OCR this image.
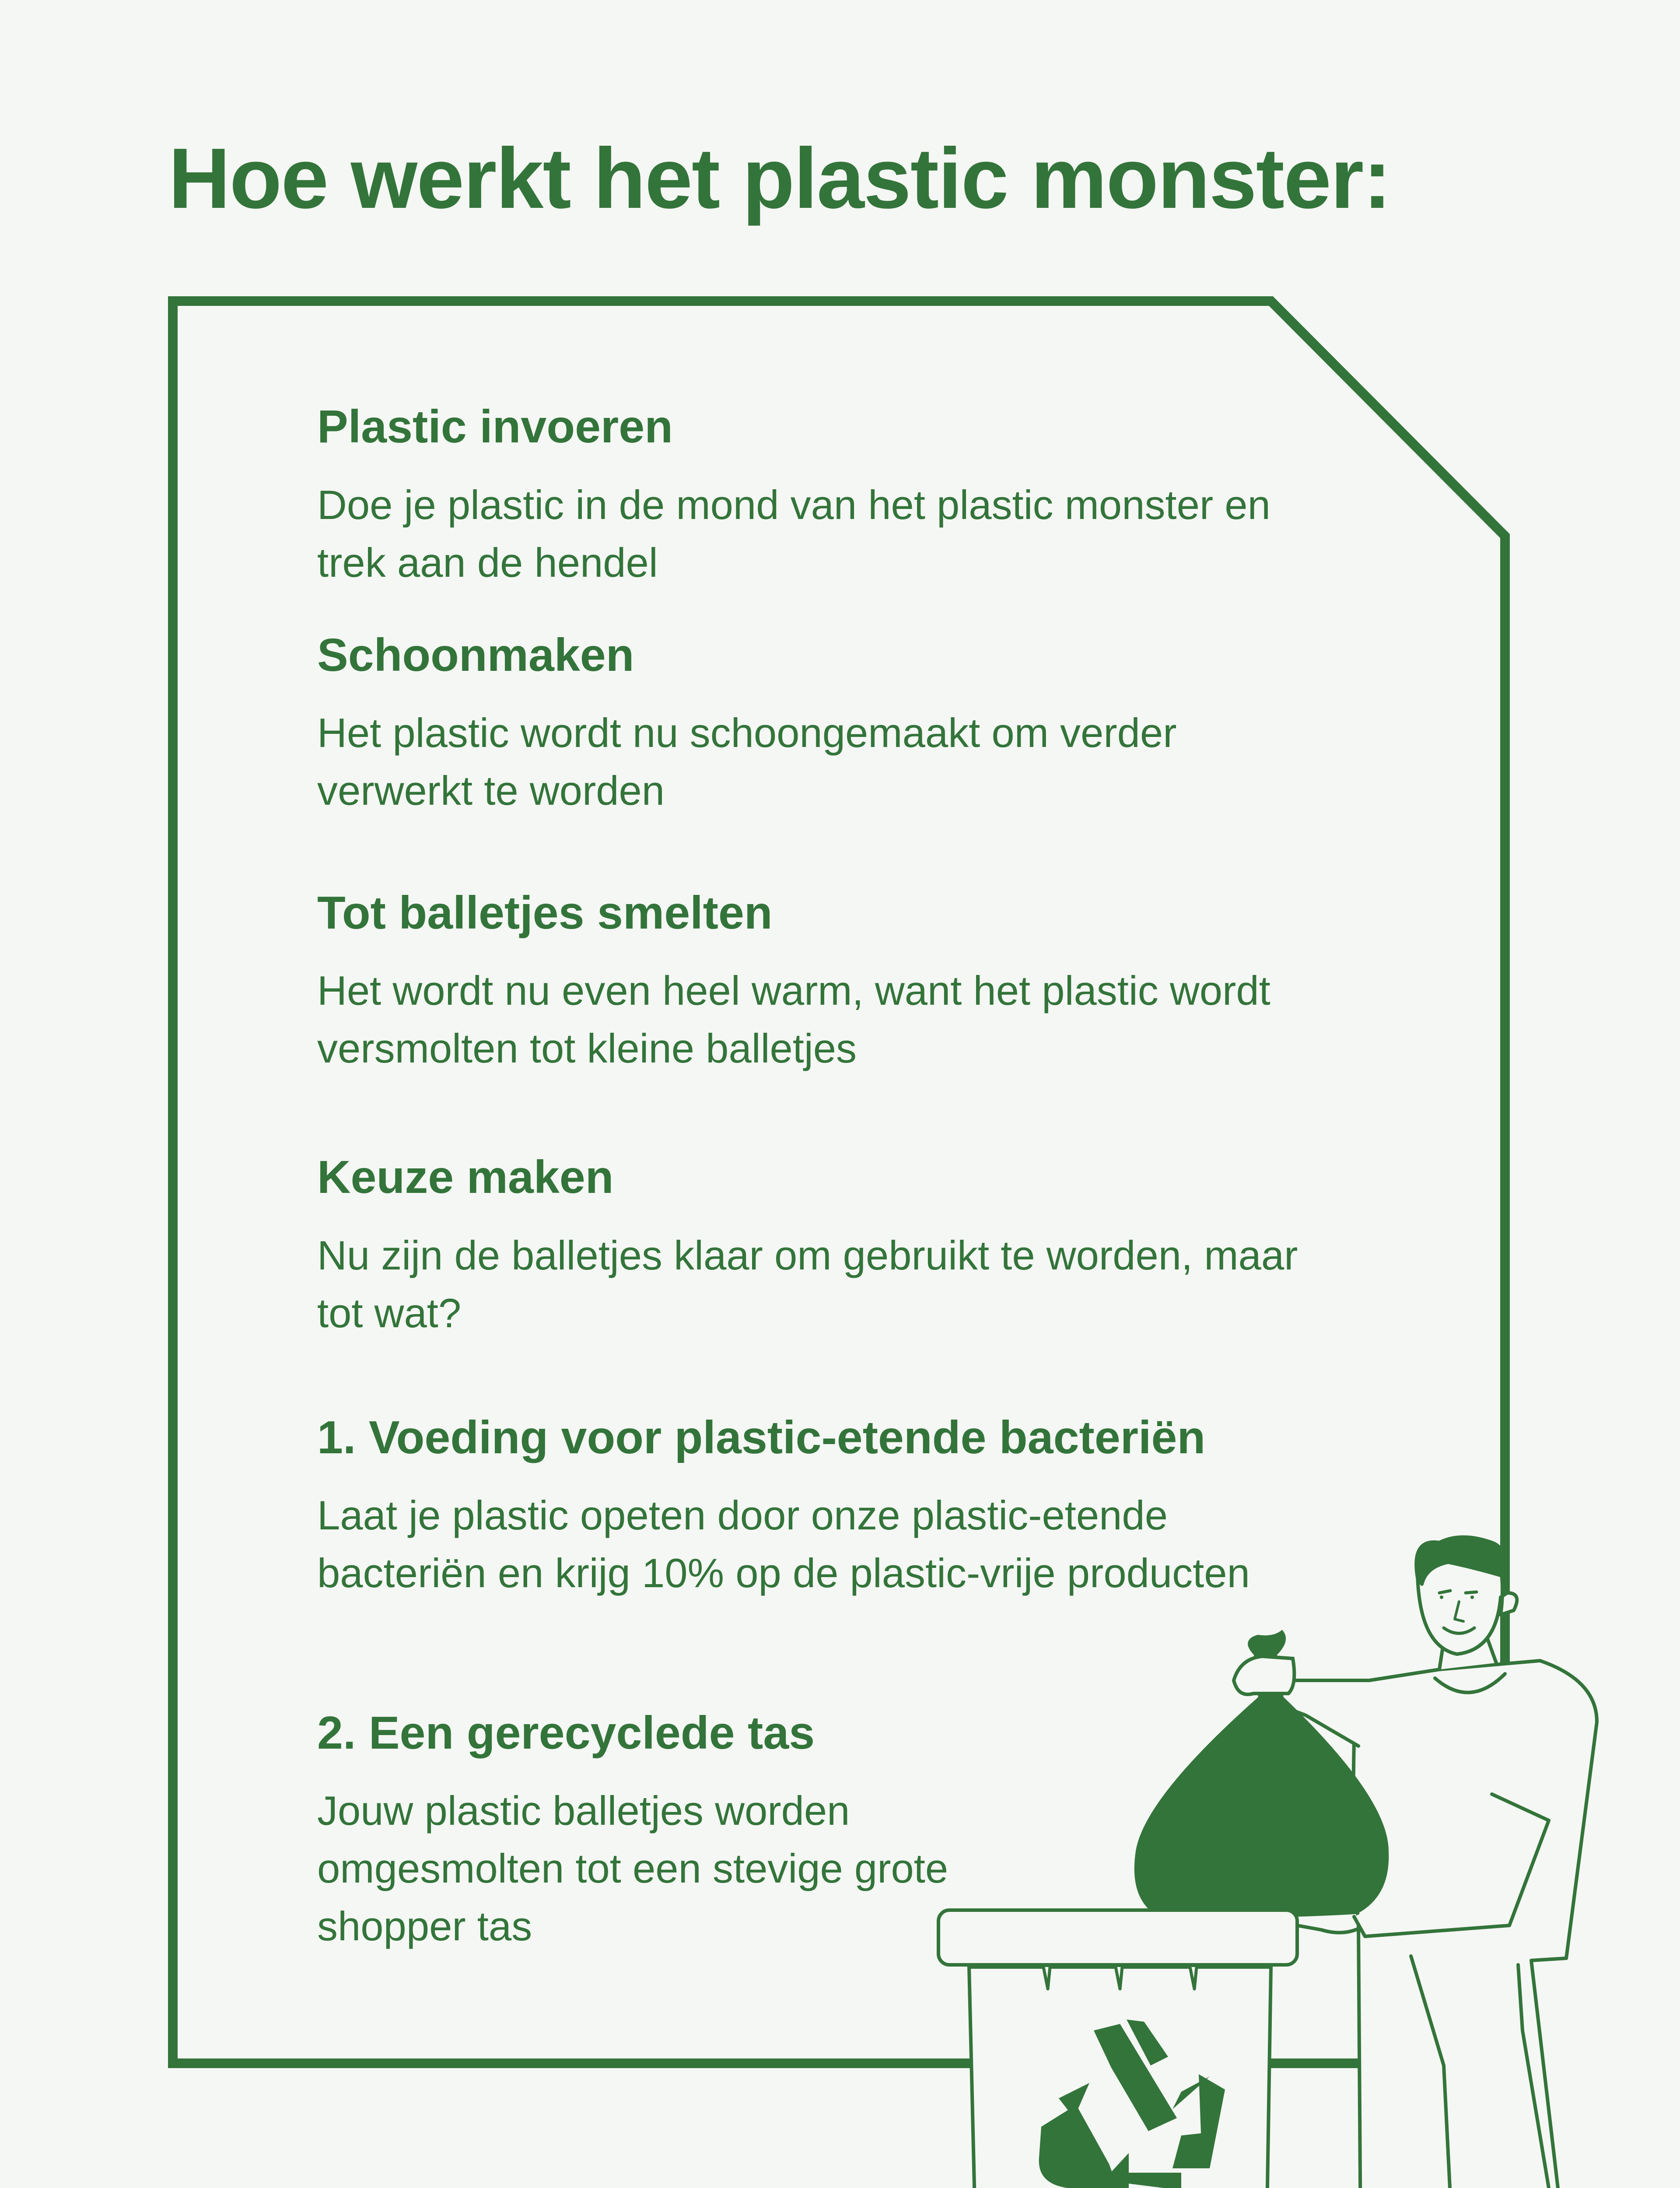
Hoe werkt het plastic monster:

Plastic invoeren

Doe je plastic in de mond van het plastic monster en trek aan de hendel

Schoonmaken

Het plastic wordt nu schoongemaakt om verder verwerkt te worden

Tot balletjes smelten

Het wordt nu even heel warm, want het plastic wordt versmolten tot kleine balletjes

Keuze maken

Nu zijn de balletjes klaar om gebruikt te worden, maar tot wat?

1. Voeding voor plastic-etende bacteriën

Laat je plastic opeten door onze plastic-etende bacteriën en krijg 10% op de plastic-vrije producten

2. Een gerecyclede tas

Jouw plastic balletjes worden omgesmolten tot een stevige grote shopper tas
